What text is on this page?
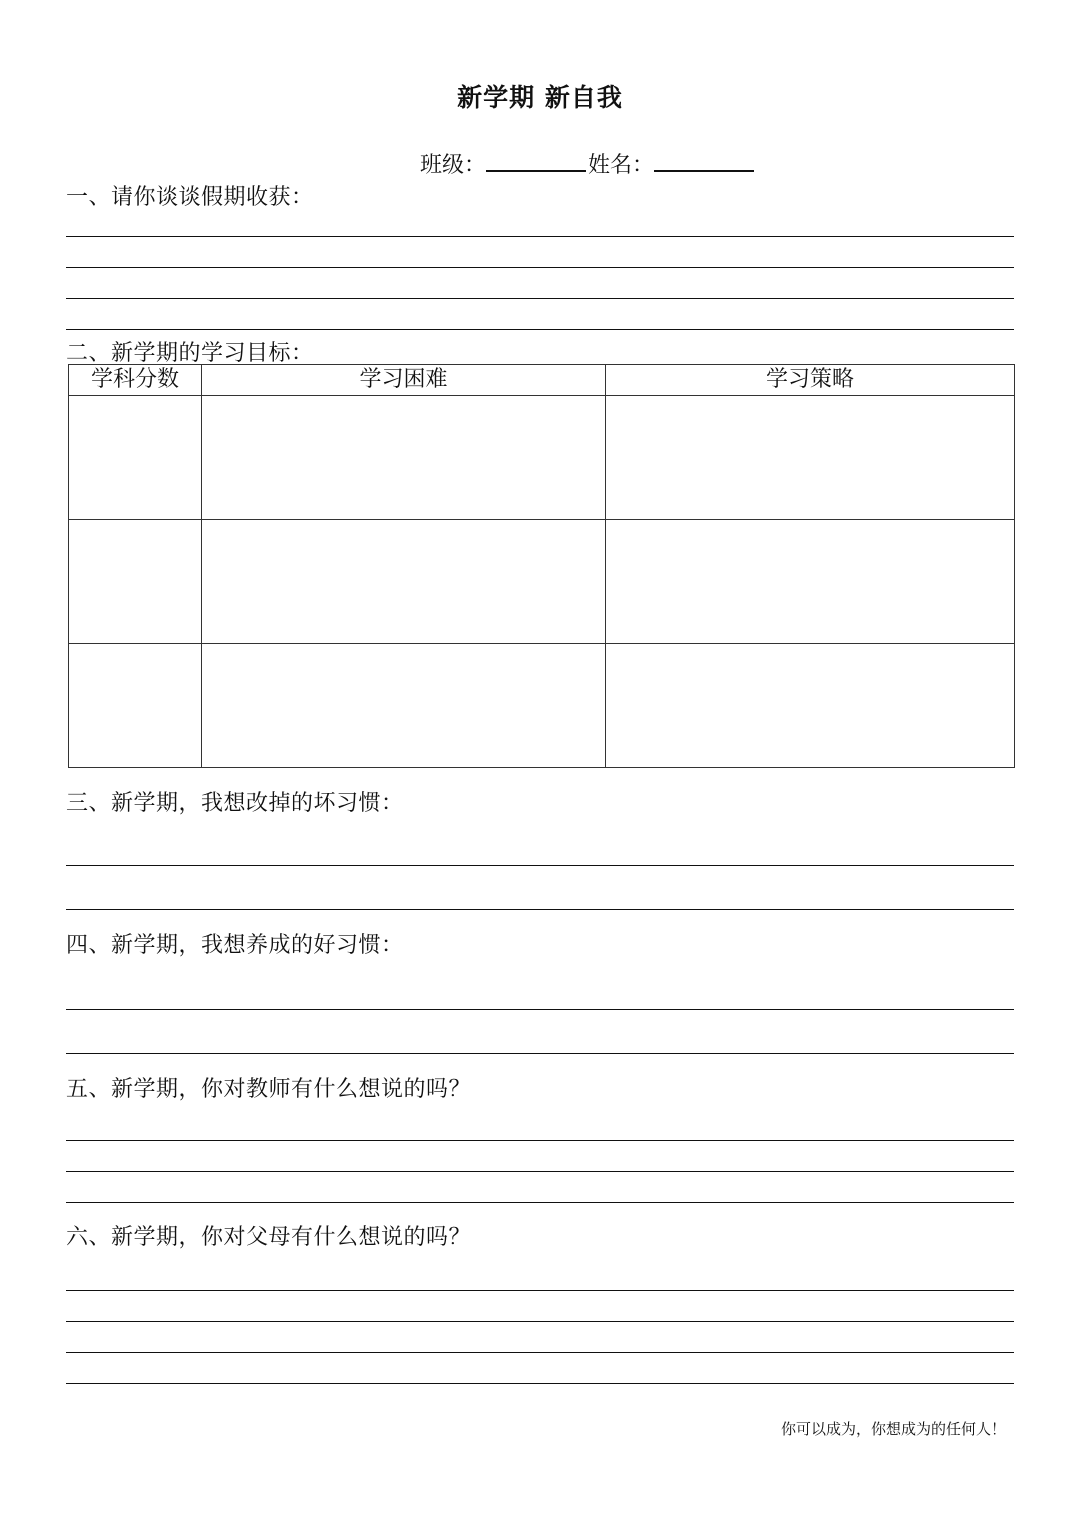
新学期 新自我
班级：	姓名：
一、请你谈谈假期收获：
二、新学期的学习目标：
学科分数	学习困难	学习策略

三、新学期，我想改掉的坏习惯：
四、新学期，我想养成的好习惯：
五、新学期，你对教师有什么想说的吗？
六、新学期，你对父母有什么想说的吗？
你可以成为，你想成为的任何人！
